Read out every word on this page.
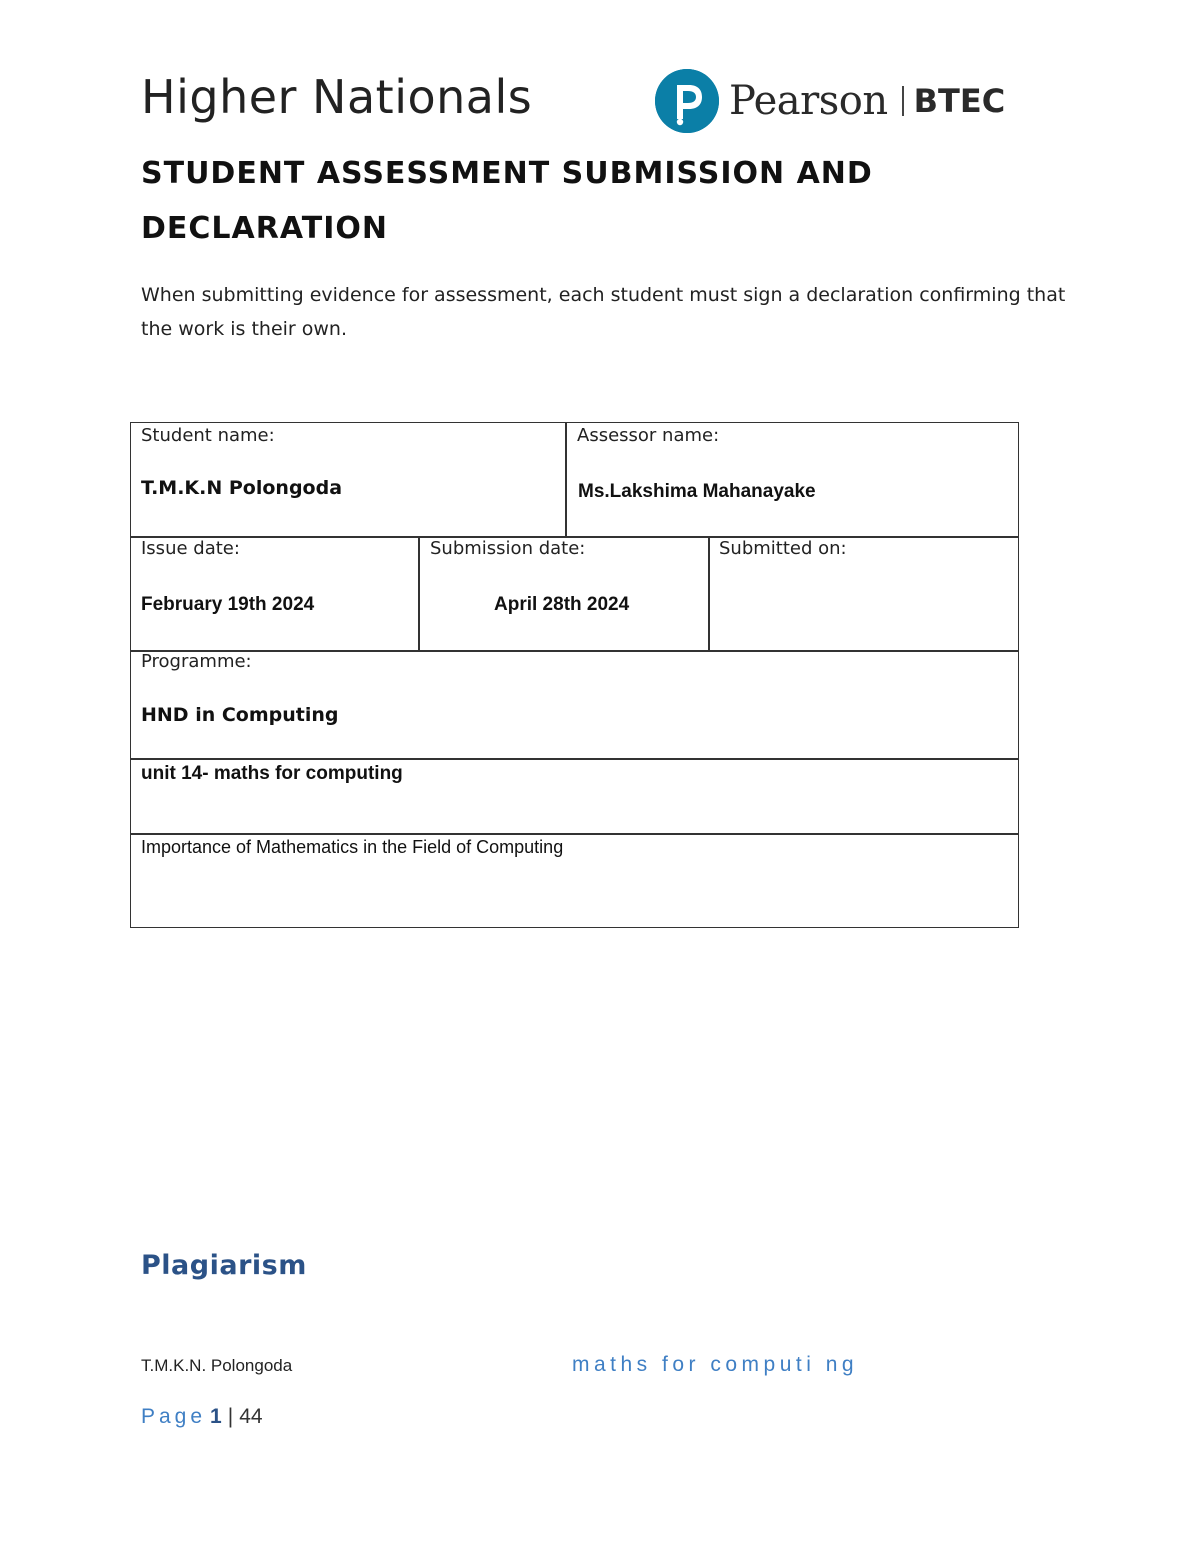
Higher Nationals	Pearson BTEC
STUDENT ASSESSMENT SUBMISSION AND DECLARATION
When submitting evidence for assessment, each student must sign a declaration confirming that the work is their own.
Student name:
T.M.K.N Polongoda
Assessor name:
Ms.Lakshima Mahanayake
Issue date:
February 19th 2024
Submission date:
April 28th 2024
Submitted on:
Programme:
HND in Computing
unit 14- maths for computing
Importance of Mathematics in the Field of Computing
Plagiarism
T.M.K.N. Polongoda	maths for computi ng
Page 1 | 44
